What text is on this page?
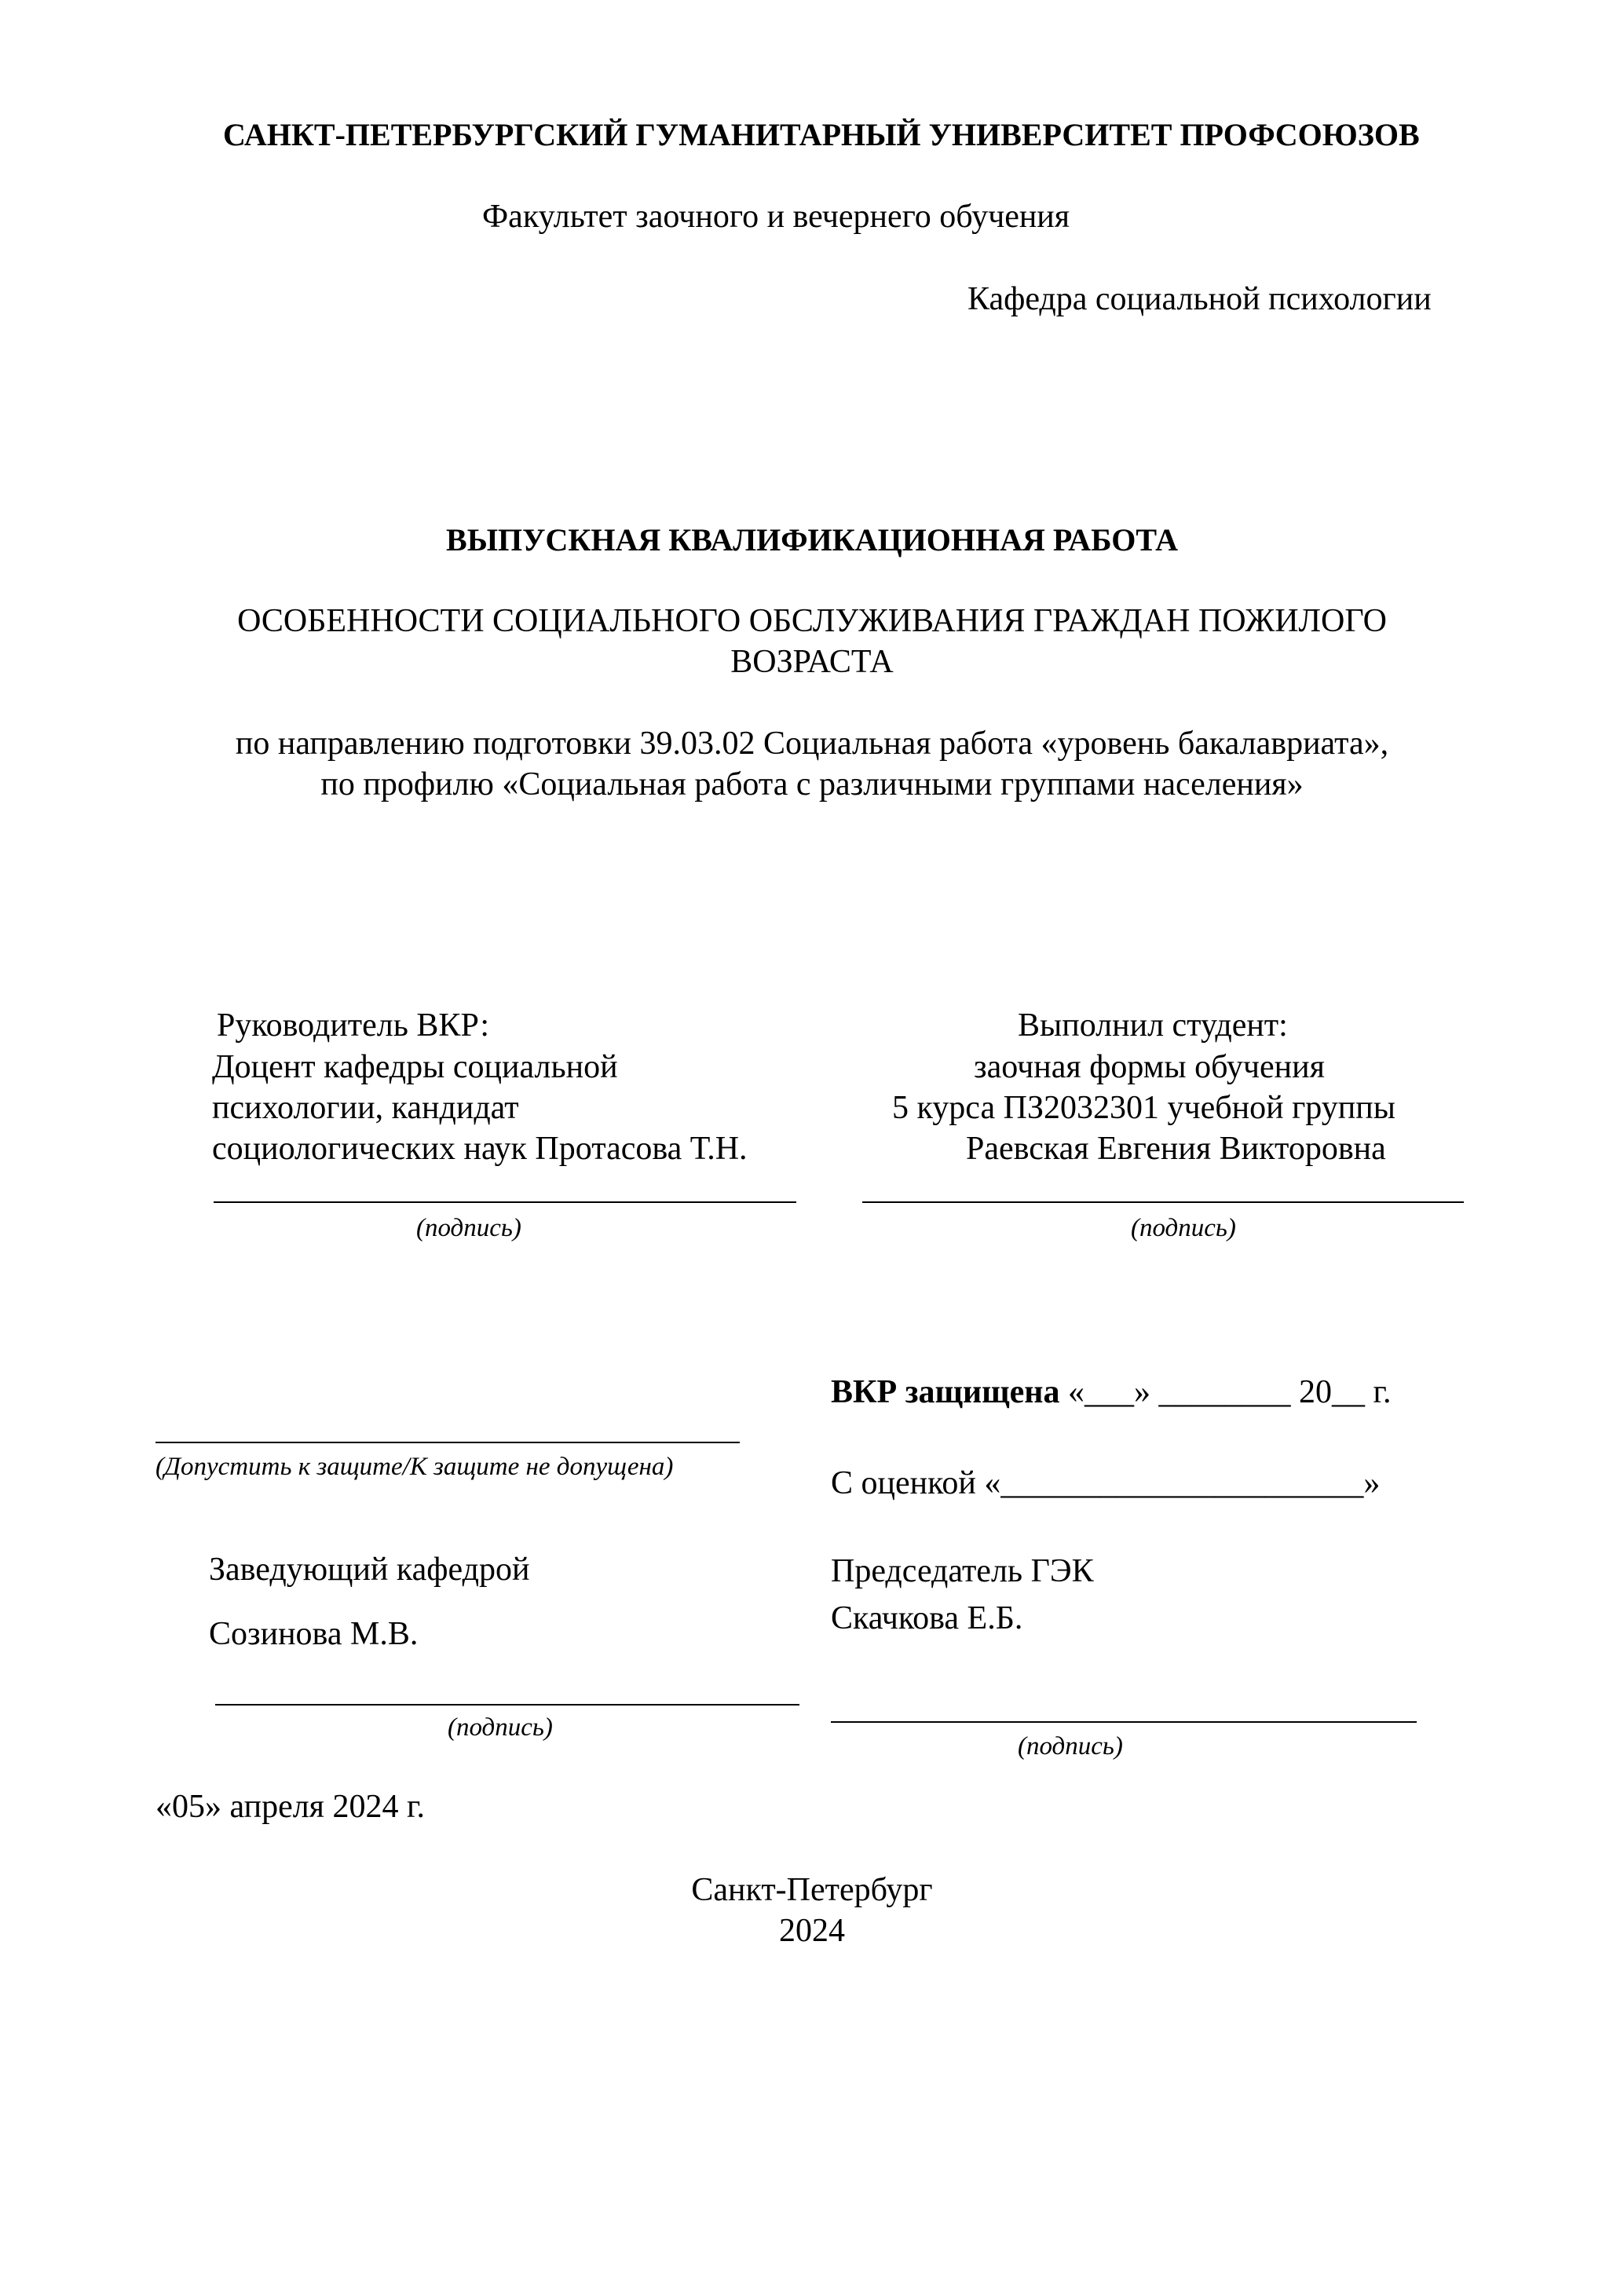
САНКТ-ПЕТЕРБУРГСКИЙ ГУМАНИТАРНЫЙ УНИВЕРСИТЕТ ПРОФСОЮЗОВ

Факультет заочного и вечернего обучения

Кафедра социальной психологии

ВЫПУСКНАЯ КВАЛИФИКАЦИОННАЯ РАБОТА

ОСОБЕННОСТИ СОЦИАЛЬНОГО ОБСЛУЖИВАНИЯ ГРАЖДАН ПОЖИЛОГО

ВОЗРАСТА

по направлению подготовки 39.03.02 Социальная работа «уровень бакалавриата»,

по профилю «Социальная работа с различными группами населения»

Руководитель ВКР:

Доцент кафедры социальной

психологии, кандидат

социологических наук Протасова Т.Н.

(подпись)

Выполнил студент:

заочная формы обучения

5 курса ПЗ2032301 учебной группы

Раевская Евгения Викторовна

(подпись)

(Допустить к защите/К защите не допущена)

Заведующий кафедрой

Созинова М.В.

(подпись)

«05» апреля 2024 г.

ВКР защищена «___» ________ 20__ г.

С оценкой «______________________»

Председатель ГЭК

Скачкова Е.Б.

(подпись)

Санкт-Петербург

2024
